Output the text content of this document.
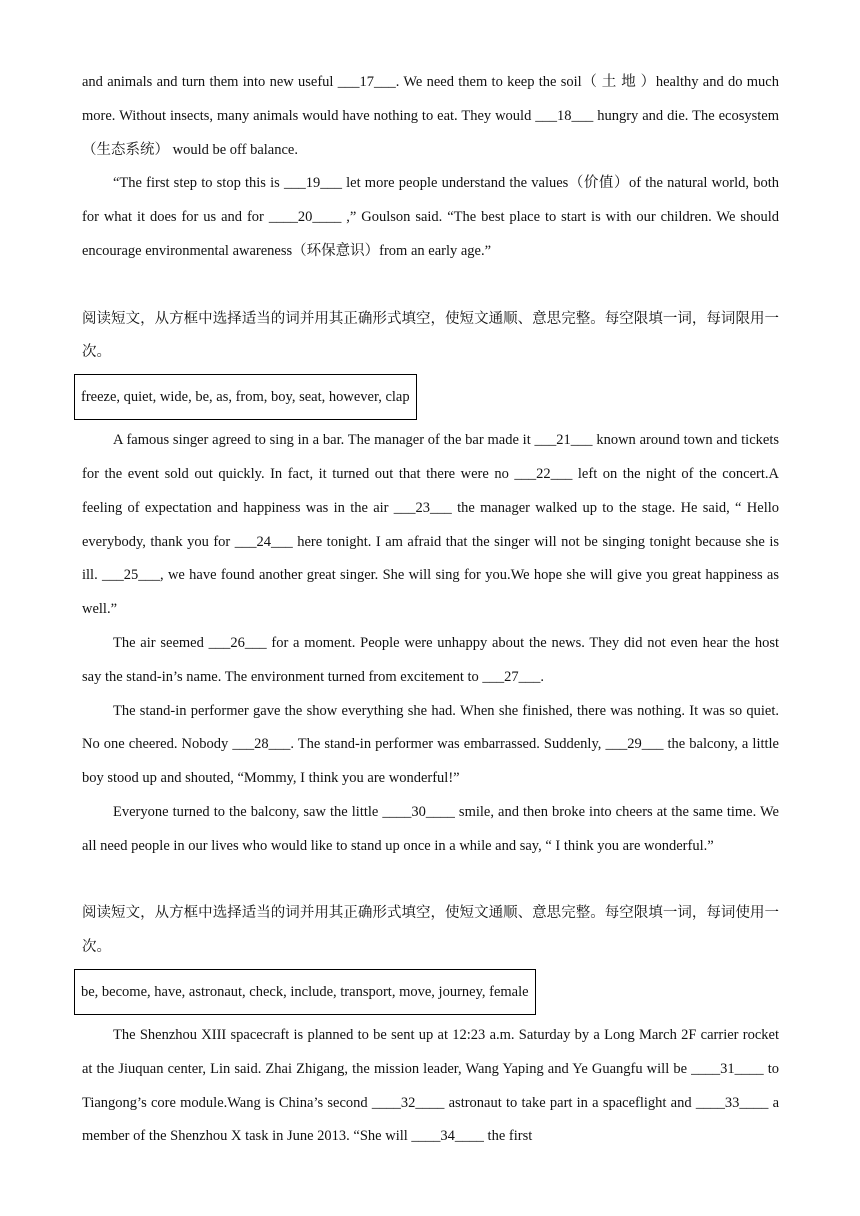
and animals and turn them into new useful ___17___. We need them to keep the soil（ 土 地 ）healthy and do much more. Without insects, many animals would have nothing to eat. They would ___18___ hungry and die. The ecosystem（生态系统） would be off balance.

“The first step to stop this is ___19___ let more people understand the values（价值）of the natural world, both for what it does for us and for ____20____ ,” Goulson said. “The best place to start is with our children. We should encourage environmental awareness（环保意识）from an early age.”

阅读短文，从方框中选择适当的词并用其正确形式填空，使短文通顺、意思完整。每空限填一词，每词限用一次。

freeze, quiet, wide, be, as, from, boy, seat, however, clap

A famous singer agreed to sing in a bar. The manager of the bar made it ___21___ known around town and tickets for the event sold out quickly. In fact, it turned out that there were no ___22___ left on the night of the concert.A feeling of expectation and happiness was in the air ___23___ the manager walked up to the stage. He said, “ Hello everybody, thank you for ___24___ here tonight. I am afraid that the singer will not be singing tonight because she is ill. ___25___, we have found another great singer. She will sing for you.We hope she will give you great happiness as well.”

The air seemed ___26___ for a moment. People were unhappy about the news. They did not even hear the host say the stand-in’s name. The environment turned from excitement to ___27___.

The stand-in performer gave the show everything she had. When she finished, there was nothing. It was so quiet. No one cheered. Nobody ___28___. The stand-in performer was embarrassed. Suddenly, ___29___ the balcony, a little boy stood up and shouted, “Mommy, I think you are wonderful!”

Everyone turned to the balcony, saw the little ____30____ smile, and then broke into cheers at the same time. We all need people in our lives who would like to stand up once in a while and say, “ I think you are wonderful.”

阅读短文，从方框中选择适当的词并用其正确形式填空，使短文通顺、意思完整。每空限填一词，每词使用一次。

be, become, have, astronaut, check, include, transport, move, journey, female

The Shenzhou XIII spacecraft is planned to be sent up at 12:23 a.m. Saturday by a Long March 2F carrier rocket at the Jiuquan center, Lin said. Zhai Zhigang, the mission leader, Wang Yaping and Ye Guangfu will be ____31____ to Tiangong’s core module.Wang is China’s second ____32____ astronaut to take part in a spaceflight and ____33____ a member of the Shenzhou X task in June 2013. “She will ____34____ the first
